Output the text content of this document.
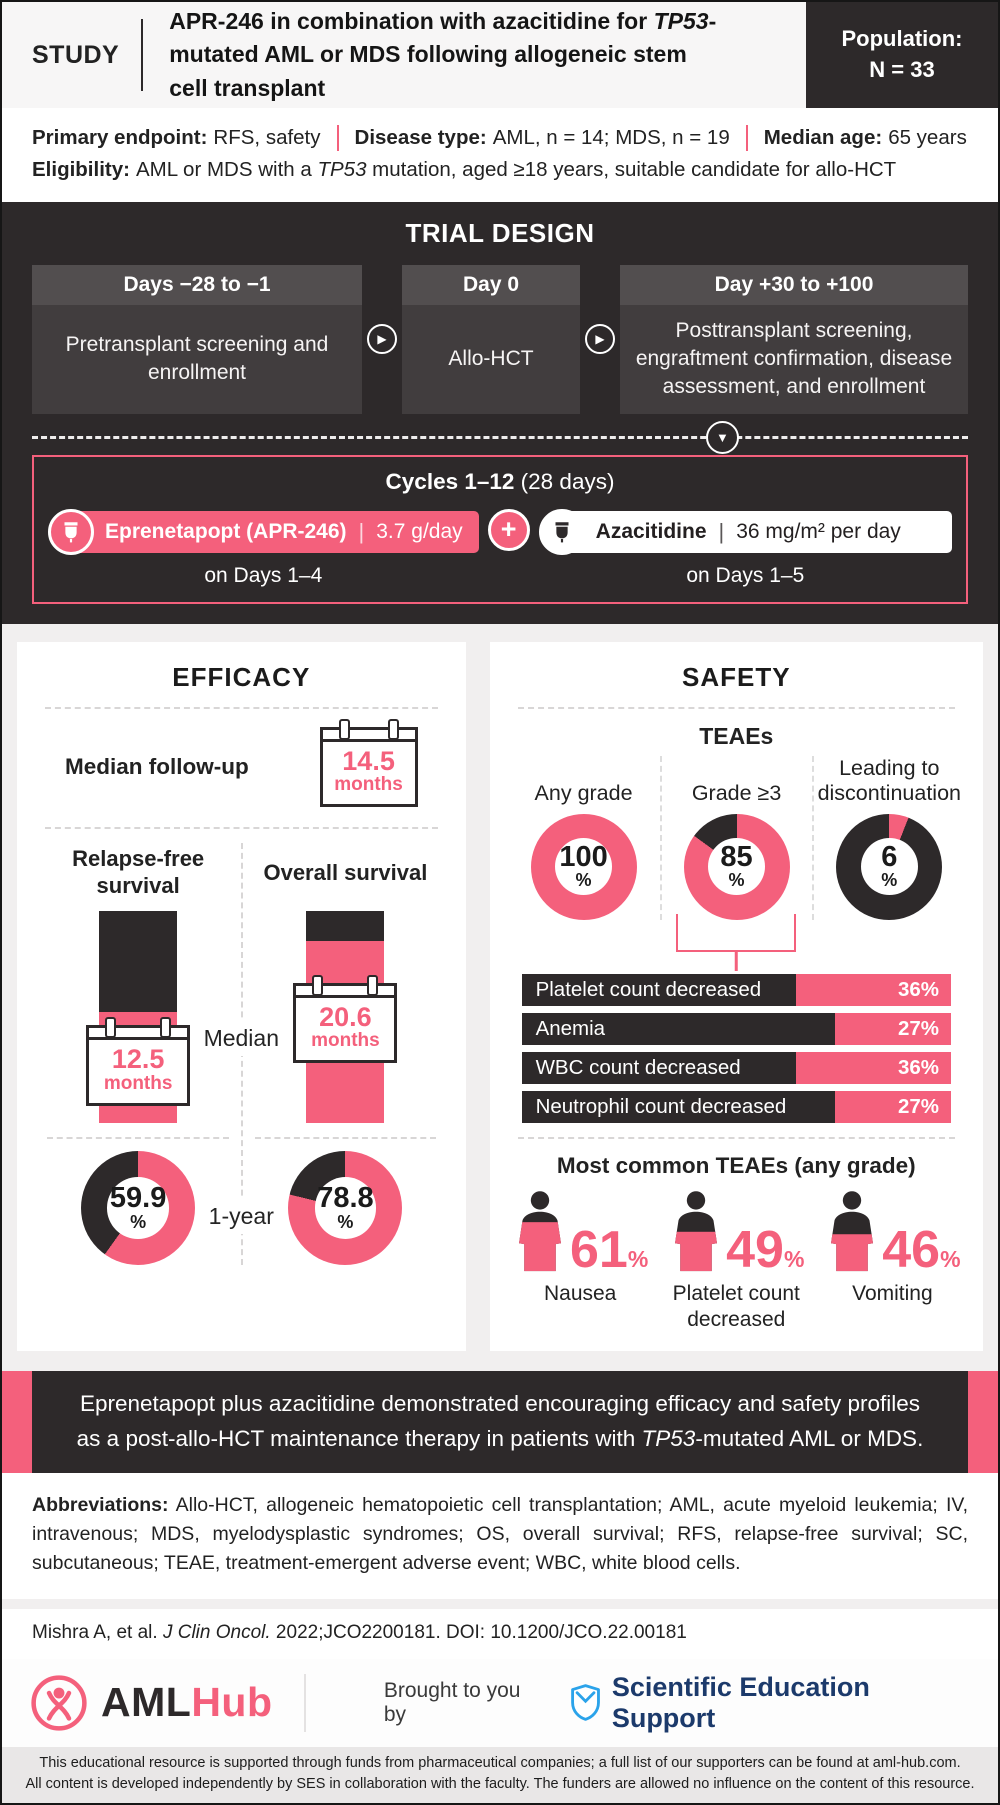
STUDY
APR-246 in combination with azacitidine for TP53-mutated AML or MDS following allogeneic stem cell transplant
Population:
N = 33
Primary endpoint: RFS, safety Disease type: AML, n = 14; MDS, n = 19 Median age: 65 years
Eligibility: AML or MDS with a TP53 mutation, aged ≥18 years, suitable candidate for allo-HCT
TRIAL DESIGN
Days −28 to −1
Pretransplant screening and enrollment
▶
Day 0
Allo-HCT
▶
Day +30 to +100
Posttransplant screening, engraftment confirmation, disease assessment, and enrollment
▼
Cycles 1–12 (28 days)
Eprenetapopt (APR-246) | 3.7 g/day
on Days 1–4
+	Azacitidine | 36 mg/m² per day
on Days 1–5
EFFICACY
Median follow-up	14.5
months
Relapse-free survival
12.5
months
59.9
%
Overall survival
20.6
months
78.8
%
Median
1-year
SAFETY
TEAEs
Any grade
100
%
Grade ≥3
85
%
Leading to discontinuation
6
%
Platelet count decreased	36 %
Anemia	27 %
WBC count decreased	36 %
Neutrophil count decreased	27 %
Most common TEAEs (any grade)
61 %
Nausea
49 %
Platelet count decreased
46 %
Vomiting
Eprenetapopt plus azacitidine demonstrated encouraging efficacy and safety profiles as a post-allo-HCT maintenance therapy in patients with TP53-mutated AML or MDS.
Abbreviations: Allo-HCT, allogeneic hematopoietic cell transplantation; AML, acute myeloid leukemia; IV, intravenous; MDS, myelodysplastic syndromes; OS, overall survival; RFS, relapse-free survival; SC, subcutaneous; TEAE, treatment-emergent adverse event; WBC, white blood cells.
Mishra A, et al. J Clin Oncol. 2022;JCO2200181. DOI: 10.1200/JCO.22.00181
AMLHub	Brought to you by
Scientific Education Support
This educational resource is supported through funds from pharmaceutical companies; a full list of our supporters can be found at aml-hub.com.
All content is developed independently by SES in collaboration with the faculty. The funders are allowed no influence on the content of this resource.
